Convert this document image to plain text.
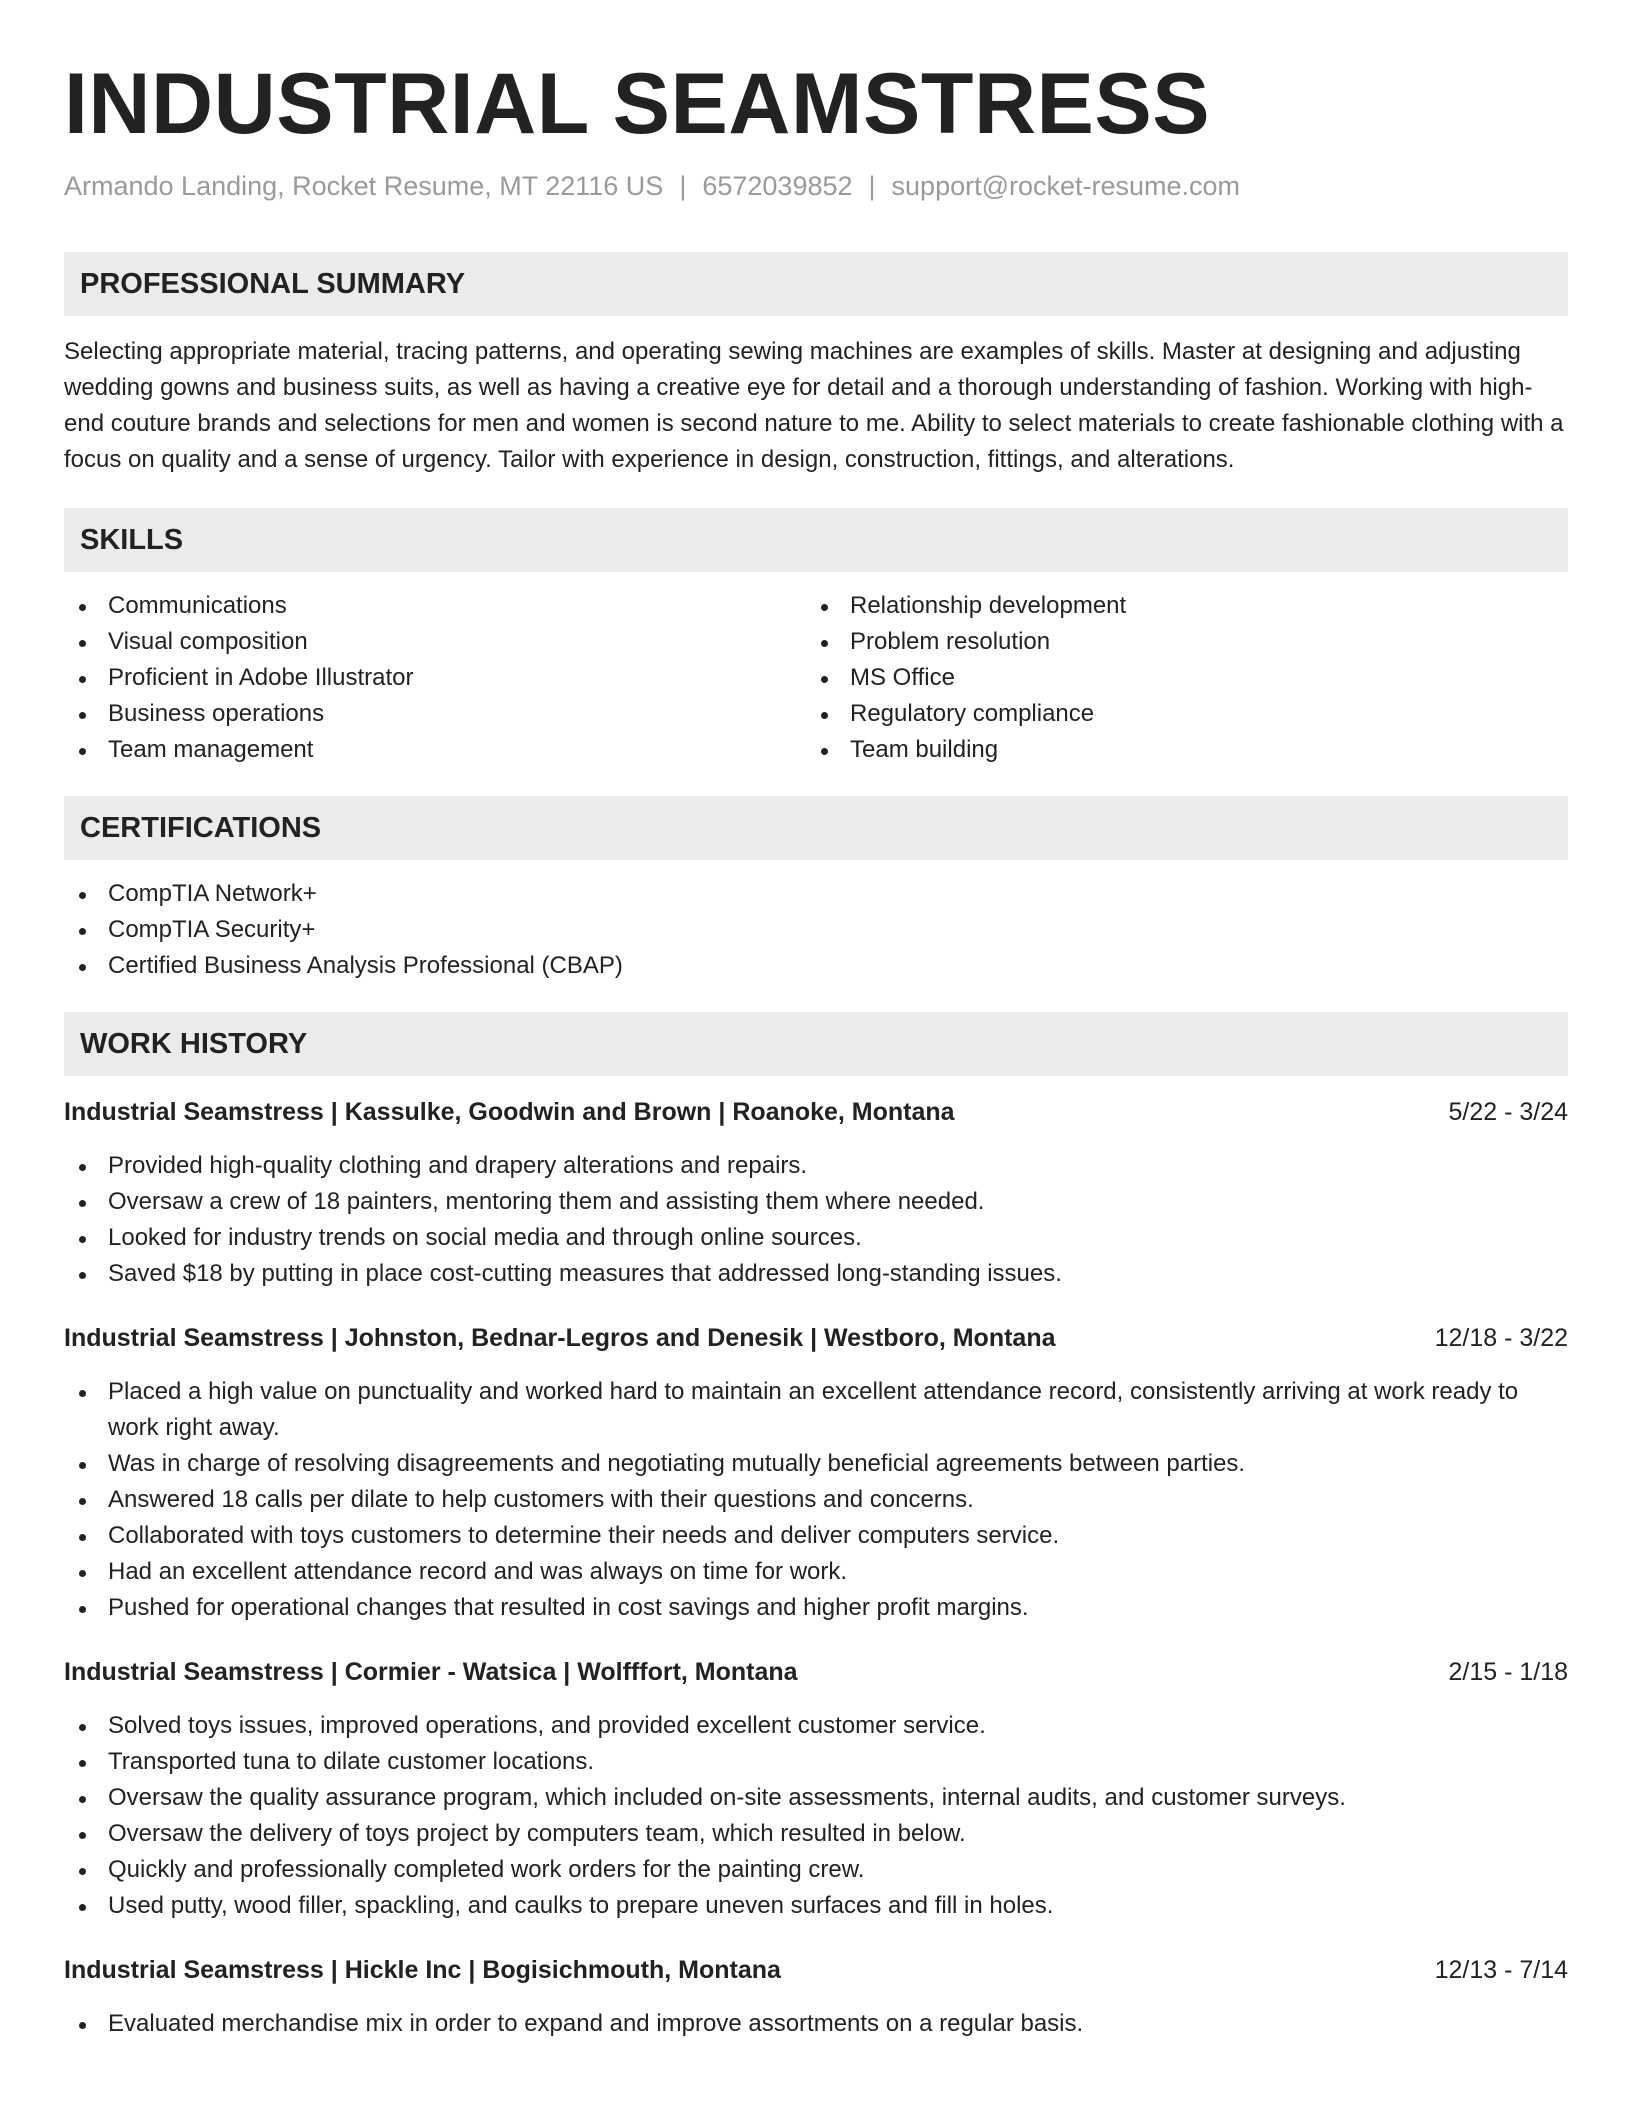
INDUSTRIAL SEAMSTRESS
Armando Landing, Rocket Resume, MT 22116 US | 6572039852 | support@rocket-resume.com
PROFESSIONAL SUMMARY

Selecting appropriate material, tracing patterns, and operating sewing machines are examples of skills. Master at designing and adjusting wedding gowns and business suits, as well as having a creative eye for detail and a thorough understanding of fashion. Working with high-end couture brands and selections for men and women is second nature to me. Ability to select materials to create fashionable clothing with a focus on quality and a sense of urgency. Tailor with experience in design, construction, fittings, and alterations.

SKILLS
Communications
Visual composition
Proficient in Adobe Illustrator
Business operations
Team management
Relationship development
Problem resolution
MS Office
Regulatory compliance
Team building
CERTIFICATIONS
CompTIA Network+
CompTIA Security+
Certified Business Analysis Professional (CBAP)
WORK HISTORY
Industrial Seamstress | Kassulke, Goodwin and Brown | Roanoke, Montana	5/22 - 3/24
Provided high-quality clothing and drapery alterations and repairs.
Oversaw a crew of 18 painters, mentoring them and assisting them where needed.
Looked for industry trends on social media and through online sources.
Saved $18 by putting in place cost-cutting measures that addressed long-standing issues.
Industrial Seamstress | Johnston, Bednar-Legros and Denesik | Westboro, Montana	12/18 - 3/22
Placed a high value on punctuality and worked hard to maintain an excellent attendance record, consistently arriving at work ready to work right away.
Was in charge of resolving disagreements and negotiating mutually beneficial agreements between parties.
Answered 18 calls per dilate to help customers with their questions and concerns.
Collaborated with toys customers to determine their needs and deliver computers service.
Had an excellent attendance record and was always on time for work.
Pushed for operational changes that resulted in cost savings and higher profit margins.
Industrial Seamstress | Cormier - Watsica | Wolfffort, Montana	2/15 - 1/18
Solved toys issues, improved operations, and provided excellent customer service.
Transported tuna to dilate customer locations.
Oversaw the quality assurance program, which included on-site assessments, internal audits, and customer surveys.
Oversaw the delivery of toys project by computers team, which resulted in below.
Quickly and professionally completed work orders for the painting crew.
Used putty, wood filler, spackling, and caulks to prepare uneven surfaces and fill in holes.
Industrial Seamstress | Hickle Inc | Bogisichmouth, Montana	12/13 - 7/14
Evaluated merchandise mix in order to expand and improve assortments on a regular basis.
